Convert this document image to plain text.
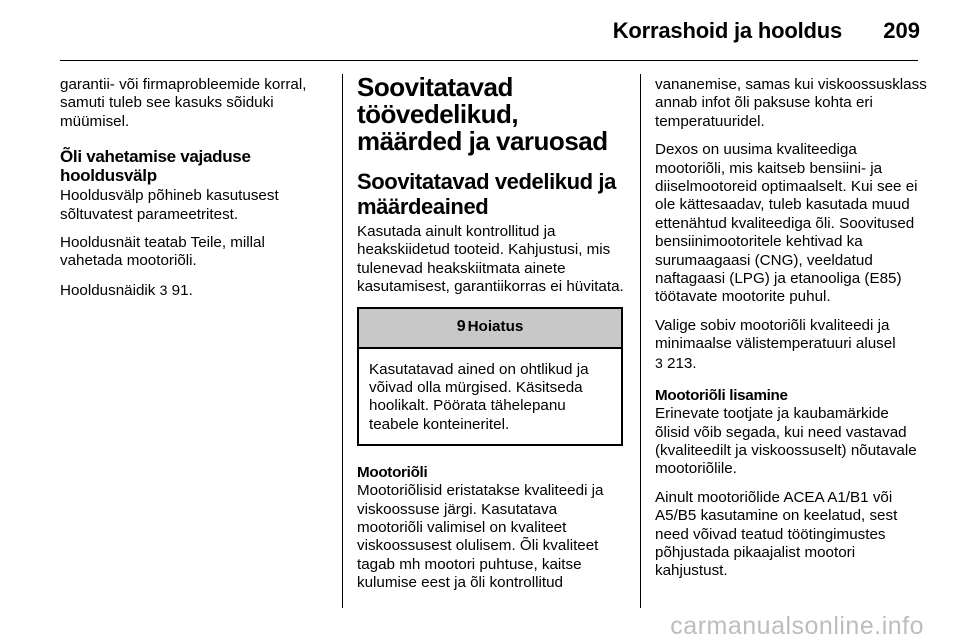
Korrashoid ja hooldus 209

garantii- või firmaprobleemide korral, samuti tuleb see kasuks sõiduki müümisel.

Õli vahetamise vajaduse hooldusvälp

Hooldusvälp põhineb kasutusest sõltuvatest parameetritest.

Hooldusnäit teatab Teile, millal vahetada mootoriõli.

Hooldusnäidik 3 91.

Soovitatavad töövedelikud, määrded ja varuosad
Soovitatavad vedelikud ja määrdeained

Kasutada ainult kontrollitud ja heakskiidetud tooteid. Kahjustusi, mis tulenevad heakskiitmata ainete kasutamisest, garantiikorras ei hüvitata.

9 Hoiatus

Kasutatavad ained on ohtlikud ja võivad olla mürgised. Käsitseda hoolikalt. Pöörata tähelepanu teabele konteineritel.

Mootoriõli

Mootoriõlisid eristatakse kvaliteedi ja viskoossuse järgi. Kasutatava mootoriõli valimisel on kvaliteet viskoossusest olulisem. Õli kvaliteet tagab mh mootori puhtuse, kaitse kulumise eest ja õli kontrollitud

vananemise, samas kui viskoossusklass annab infot õli paksuse kohta eri temperatuuridel.

Dexos on uusima kvaliteediga mootoriõli, mis kaitseb bensiini- ja diiselmootoreid optimaalselt. Kui see ei ole kättesaadav, tuleb kasutada muud ettenähtud kvaliteediga õli. Soovitused bensiinimootoritele kehtivad ka surumaagaasi (CNG), veeldatud naftagaasi (LPG) ja etanooliga (E85) töötavate mootorite puhul.

Valige sobiv mootoriõli kvaliteedi ja minimaalse välistemperatuuri alusel
3 213.

Mootoriõli lisamine

Erinevate tootjate ja kaubamärkide õlisid võib segada, kui need vastavad (kvaliteedilt ja viskoossuselt) nõutavale mootoriõlile.

Ainult mootoriõlide ACEA A1/B1 või A5/B5 kasutamine on keelatud, sest need võivad teatud töötingimustes põhjustada pikaajalist mootori kahjustust.

carmanualsonline.info
